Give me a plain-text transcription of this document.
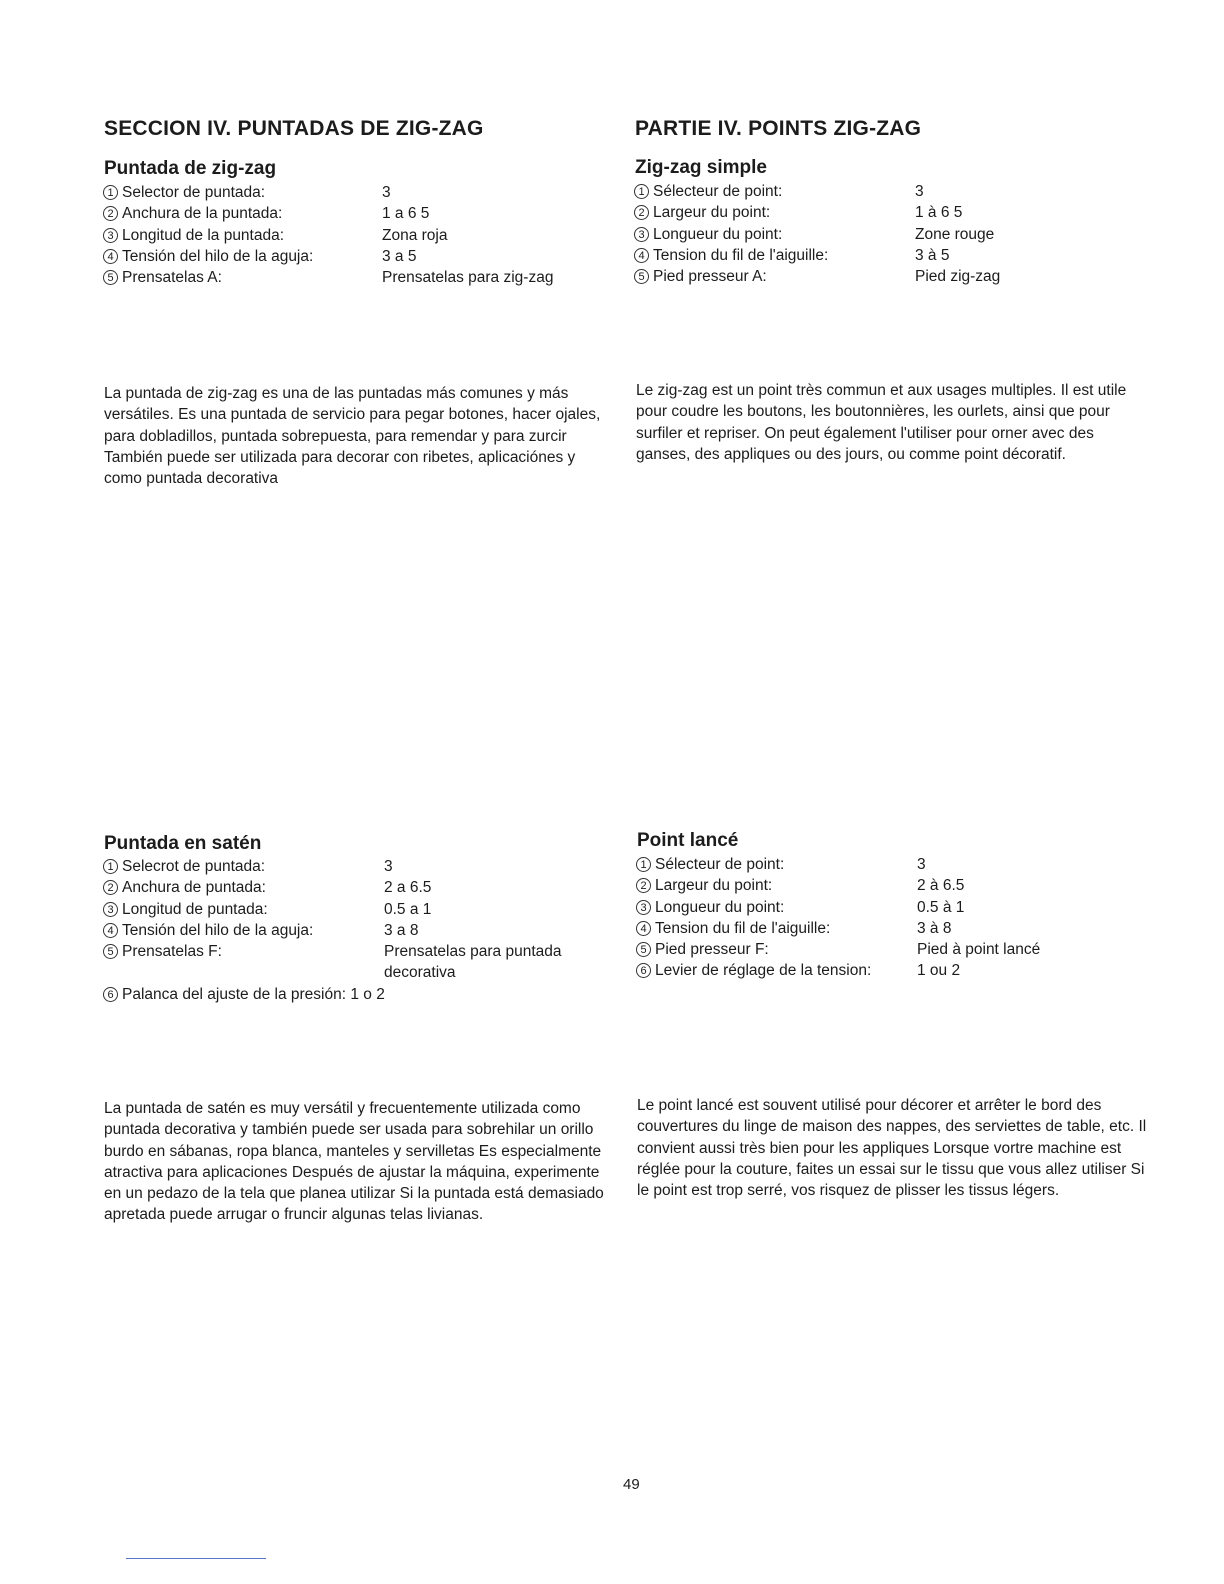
SECCION IV. PUNTADAS DE ZIG-ZAG
Puntada de zig-zag
1 Selector de puntada:	3
2 Anchura de la puntada:	1 a 6 5
3 Longitud de la puntada:	Zona roja
4 Tensión del hilo de la aguja:	3 a 5
5 Prensatelas A:	Prensatelas para zig-zag

La puntada de zig-zag es una de las puntadas más comunes y más versátiles. Es una puntada de servicio para pegar botones, hacer ojales, para dobladillos, puntada sobrepuesta, para remendar y para zurcir También puede ser utilizada para decorar con ribetes, aplicaciónes y como puntada decorativa

Puntada en satén
1 Selecrot de puntada:	3
2 Anchura de puntada:	2 a 6.5
3 Longitud de puntada:	0.5 a 1
4 Tensión del hilo de la aguja:	3 a 8
5 Prensatelas F:	Prensatelas para puntada
decorativa
6 Palanca del ajuste de la presión: 1 o 2

La puntada de satén es muy versátil y frecuentemente utilizada como puntada decorativa y también puede ser usada para sobrehilar un orillo burdo en sábanas, ropa blanca, manteles y servilletas Es especialmente atractiva para aplicaciones Después de ajustar la máquina, experimente en un pedazo de la tela que planea utilizar Si la puntada está demasiado apretada puede arrugar o fruncir algunas telas livianas.

PARTIE IV. POINTS ZIG-ZAG
Zig-zag simple
1 Sélecteur de point:	3
2 Largeur du point:	1 à 6 5
3 Longueur du point:	Zone rouge
4 Tension du fil de l'aiguille:	3 à 5
5 Pied presseur A:	Pied zig-zag

Le zig-zag est un point très commun et aux usages multiples. Il est utile pour coudre les boutons, les boutonnières, les ourlets, ainsi que pour surfiler et repriser. On peut également l'utiliser pour orner avec des ganses, des appliques ou des jours, ou comme point décoratif.

Point lancé
1 Sélecteur de point:	3
2 Largeur du point:	2 à 6.5
3 Longueur du point:	0.5 à 1
4 Tension du fil de l'aiguille:	3 à 8
5 Pied presseur F:	Pied à point lancé
6 Levier de réglage de la tension:	1 ou 2

Le point lancé est souvent utilisé pour décorer et arrêter le bord des couvertures du linge de maison des nappes, des serviettes de table, etc. Il convient aussi très bien pour les appliques Lorsque vortre machine est réglée pour la couture, faites un essai sur le tissu que vous allez utiliser Si le point est trop serré, vos risquez de plisser les tissus légers.

49
